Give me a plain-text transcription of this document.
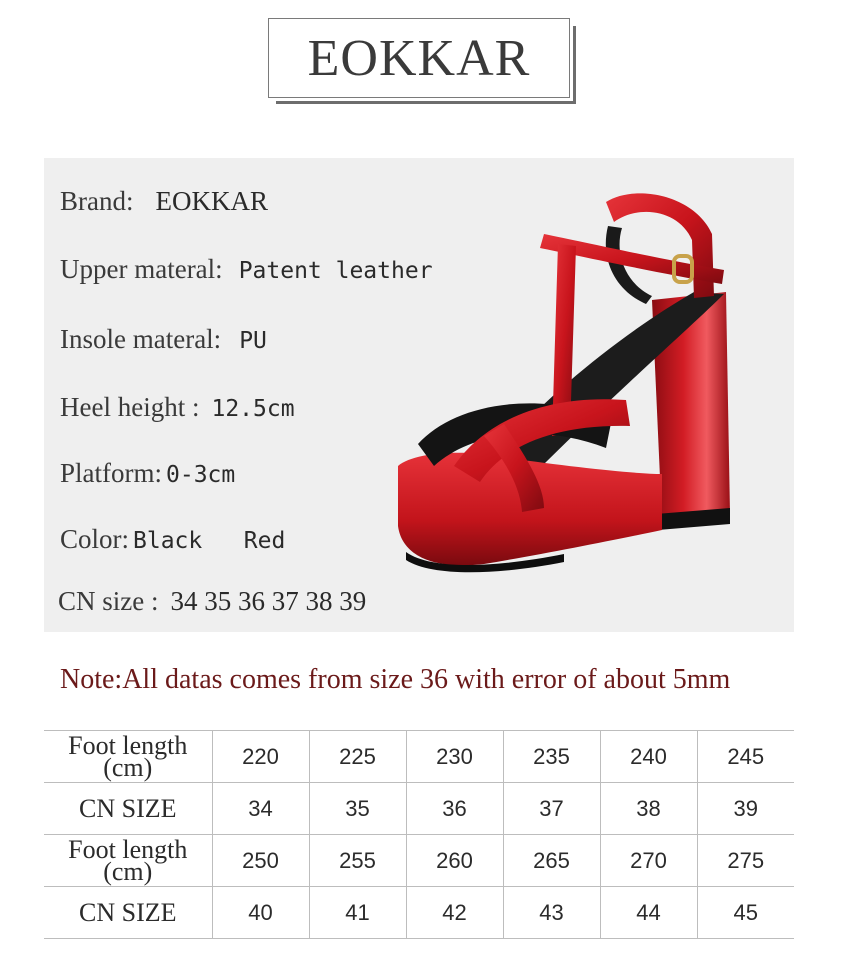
EOKKAR
Brand: EOKKAR
Upper materal: Patent leather
Insole materal: PU
Heel height : 12.5cm
Platform: 0-3cm
Color: Black   Red
CN size : 34 35 36 37 38 39
Note:All datas comes from size 36 with error of about 5mm
Foot length (cm)	220	225	230	235	240	245
CN SIZE	34	35	36	37	38	39
Foot length (cm)	250	255	260	265	270	275
CN SIZE	40	41	42	43	44	45
